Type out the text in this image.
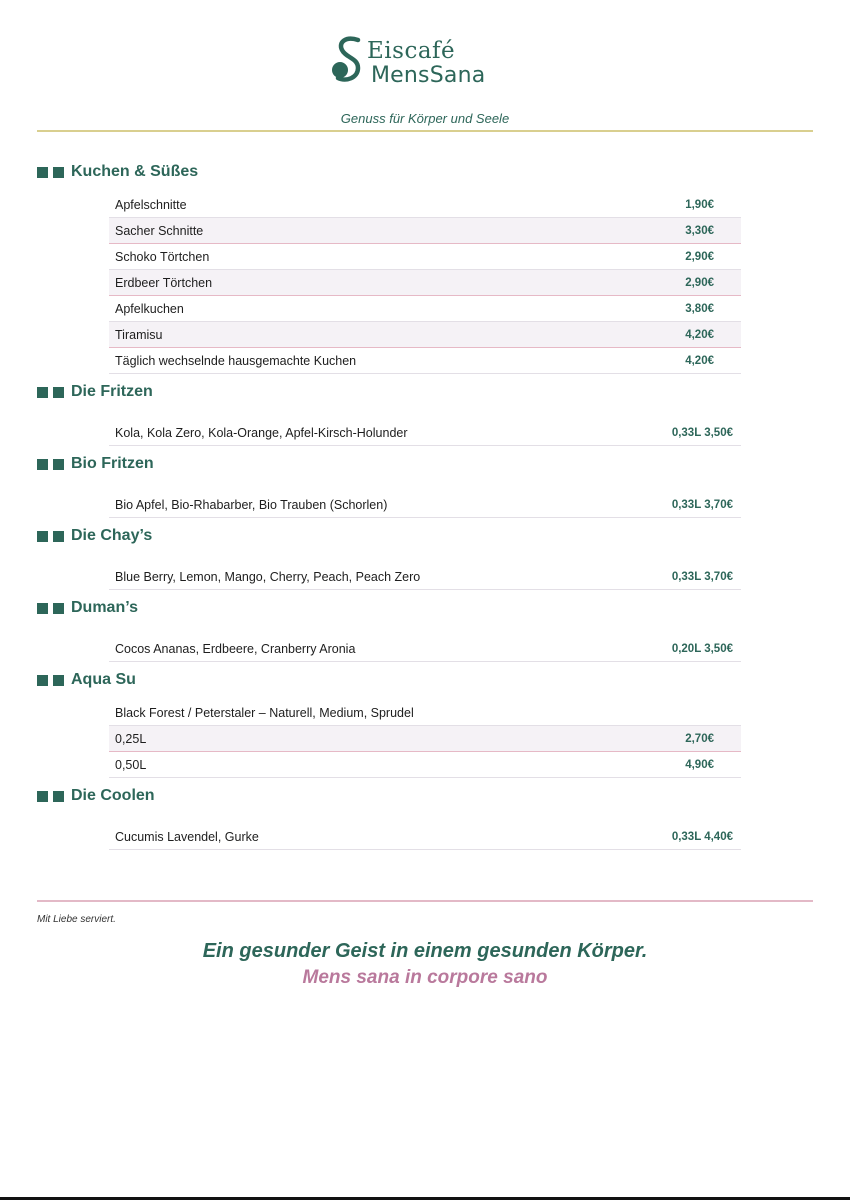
Eiscafé
MensSana
Genuss für Körper und Seele
Kuchen & Süßes
Apfelschnitte	1,90€
Sacher Schnitte	3,30€
Schoko Törtchen	2,90€
Erdbeer Törtchen	2,90€
Apfelkuchen	3,80€
Tiramisu	4,20€
Täglich wechselnde hausgemachte Kuchen	4,20€
Die Fritzen
Kola, Kola Zero, Kola-Orange, Apfel-Kirsch-Holunder	0,33L 3,50€
Bio Fritzen
Bio Apfel, Bio-Rhabarber, Bio Trauben (Schorlen)	0,33L 3,70€
Die Chay’s
Blue Berry, Lemon, Mango, Cherry, Peach, Peach Zero	0,33L 3,70€
Duman’s
Cocos Ananas, Erdbeere, Cranberry Aronia	0,20L 3,50€
Aqua Su
Black Forest / Peterstaler – Naturell, Medium, Sprudel
0,25L	2,70€
0,50L	4,90€
Die Coolen
Cucumis Lavendel, Gurke	0,33L 4,40€
Mit Liebe serviert.
Ein gesunder Geist in einem gesunden Körper.
Mens sana in corpore sano
